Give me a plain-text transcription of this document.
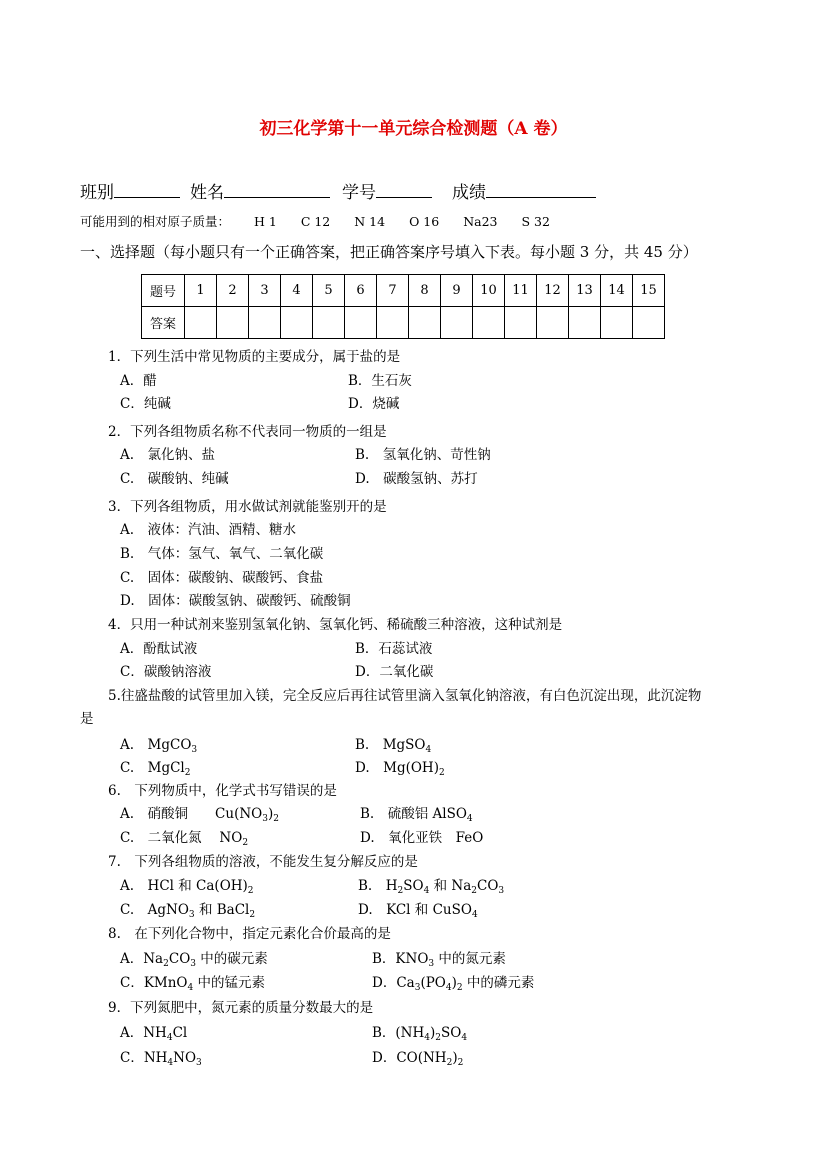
初三化学第十一单元综合检测题（A 卷）
班别	姓名	学号	成绩
可能用到的相对原子质量： H 1 C 12 N 14 O 16 Na23 S 32
一、选择题（每小题只有一个正确答案，把正确答案序号填入下表。每小题 3 分，共 45 分）
题号	1	2	3	4	5	6	7	8	9	10	11	12	13	14	15
答案															
1．下列生活中常见物质的主要成分，属于盐的是
A．醋	B．生石灰
C．纯碱	D．烧碱
2．下列各组物质名称不代表同一物质的一组是
A.　氯化钠、盐	B.　氢氧化钠、苛性钠
C.　碳酸钠、纯碱	D.　碳酸氢钠、苏打
3．下列各组物质，用水做试剂就能鉴别开的是
A.　液体：汽油、酒精、糖水
B.　气体：氢气、氧气、二氧化碳
C.　固体：碳酸钠、碳酸钙、食盐
D.　固体：碳酸氢钠、碳酸钙、硫酸铜
4．只用一种试剂来鉴别氢氧化钠、氢氧化钙、稀硫酸三种溶液，这种试剂是
A．酚酞试液	B．石蕊试液
C．碳酸钠溶液	D．二氧化碳
5.往盛盐酸的试管里加入镁，完全反应后再往试管里滴入氢氧化钠溶液，有白色沉淀出现，此沉淀物
是
A.　MgCO$_3$	B.　MgSO$_4$
C.　MgCl$_2$	D.　$Mg(OH)_2$
6.　下列物质中，化学式书写错误的是
A.　硝酸铜　　$Cu(NO_3)_2$	B.　硫酸铝 AlSO$_4$
C.　二氧化氮　 $NO_2$	D.　氧化亚铁　FeO
7.　下列各组物质的溶液，不能发生复分解反应的是
A.　HCl 和 $Ca(OH)_2$	B.　$H_2SO_4$ 和 $Na_2CO_3$
C.　AgNO$_3$ 和 BaCl$_2$	D.　KCl 和 CuSO$_4$
8.　在下列化合物中，指定元素化合价最高的是
A．$Na_2CO_3$ 中的碳元素	B．$KNO_3$ 中的氮元素
C．KMnO$_4$ 中的锰元素	D．$Ca_3(PO_4)_2$ 中的磷元素
9．下列氮肥中，氮元素的质量分数最大的是
A．$NH_4Cl$	B．$(NH_4)_2SO_4$
C．$NH_4NO_3$	D．$CO(NH_2)_2$
